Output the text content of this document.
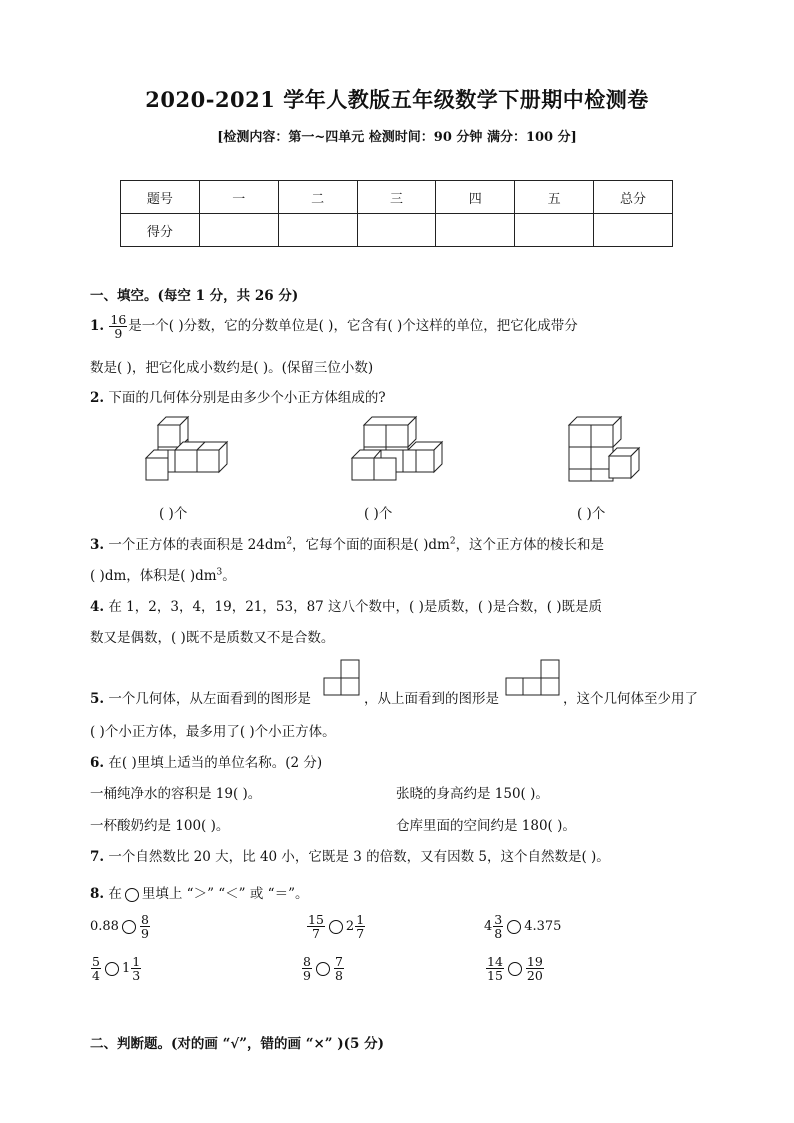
2020-2021 学年人教版五年级数学下册期中检测卷
[检测内容：第一~四单元 检测时间：90 分钟 满分：100 分]
题号	一	二	三	四	五	总分
得分						
一、填空。(每空 1 分，共 26 分)
1. $\frac{16}{9}$ 是一个( )分数，它的分数单位是( )，它含有( )个这样的单位，把它化成带分
数是( )，把它化成小数约是( )。(保留三位小数)
2. 下面的几何体分别是由多少个小正方体组成的?
( )个	( )个	( )个
3. 一个正方体的表面积是 $24dm^2$，它每个面的面积是( )$dm^2$，这个正方体的棱长和是
( )dm，体积是( )$dm^3$。
4. 在 1，2，3，4，19，21，53，87 这八个数中，( )是质数，( )是合数，( )既是质
数又是偶数，( )既不是质数又不是合数。
5. 一个几何体，从左面看到的图形是	，从上面看到的图形是	，这个几何体至少用了
( )个小正方体，最多用了( )个小正方体。
6. 在( )里填上适当的单位名称。(2 分)
一桶纯净水的容积是 19( )。	张晓的身高约是 150( )。
一杯酸奶约是 100( )。	仓库里面的空间约是 180( )。
7. 一个自然数比 20 大，比 40 小，它既是 3 的倍数，又有因数 5，这个自然数是( )。
8. 在 里填上 “＞” “＜” 或 “＝”。
$0.88 \frac{8}{9}$	$\frac{15}{7} 2 \frac{1}{7}$	$4 \frac{3}{8} 4.375$
$\frac{5}{4} 1 \frac{1}{3}$	$\frac{8}{9} \frac{7}{8}$	$\frac{14}{15} \frac{19}{20}$
二、判断题。(对的画 “√”，错的画 “×” )(5 分)
